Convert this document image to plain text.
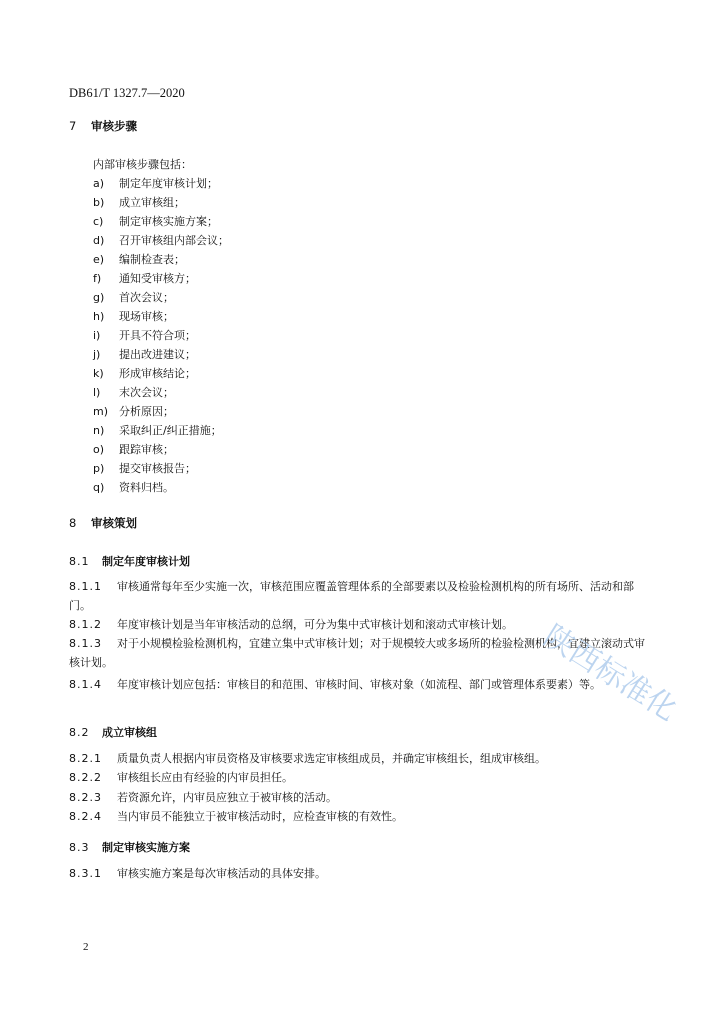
DB61/T 1327.7—2020
7 审核步骤
内部审核步骤包括：
a) 制定年度审核计划；
b) 成立审核组；
c) 制定审核实施方案；
d) 召开审核组内部会议；
e) 编制检查表；
f) 通知受审核方；
g) 首次会议；
h) 现场审核；
i) 开具不符合项；
j) 提出改进建议；
k) 形成审核结论；
l) 末次会议；
m) 分析原因；
n) 采取纠正/纠正措施；
o) 跟踪审核；
p) 提交审核报告；
q) 资料归档。
8 审核策划
8.1 制定年度审核计划
8.1.1 审核通常每年至少实施一次，审核范围应覆盖管理体系的全部要素以及检验检测机构的所有场所、活动和部门。
8.1.2 年度审核计划是当年审核活动的总纲，可分为集中式审核计划和滚动式审核计划。
8.1.3 对于小规模检验检测机构，宜建立集中式审核计划；对于规模较大或多场所的检验检测机构，宜建立滚动式审核计划。
8.1.4 年度审核计划应包括：审核目的和范围、审核时间、审核对象（如流程、部门或管理体系要素）等。
8.2 成立审核组
8.2.1 质量负责人根据内审员资格及审核要求选定审核组成员，并确定审核组长，组成审核组。
8.2.2 审核组长应由有经验的内审员担任。
8.2.3 若资源允许，内审员应独立于被审核的活动。
8.2.4 当内审员不能独立于被审核活动时，应检查审核的有效性。
8.3 制定审核实施方案
8.3.1 审核实施方案是每次审核活动的具体安排。
陕西标准化
2
